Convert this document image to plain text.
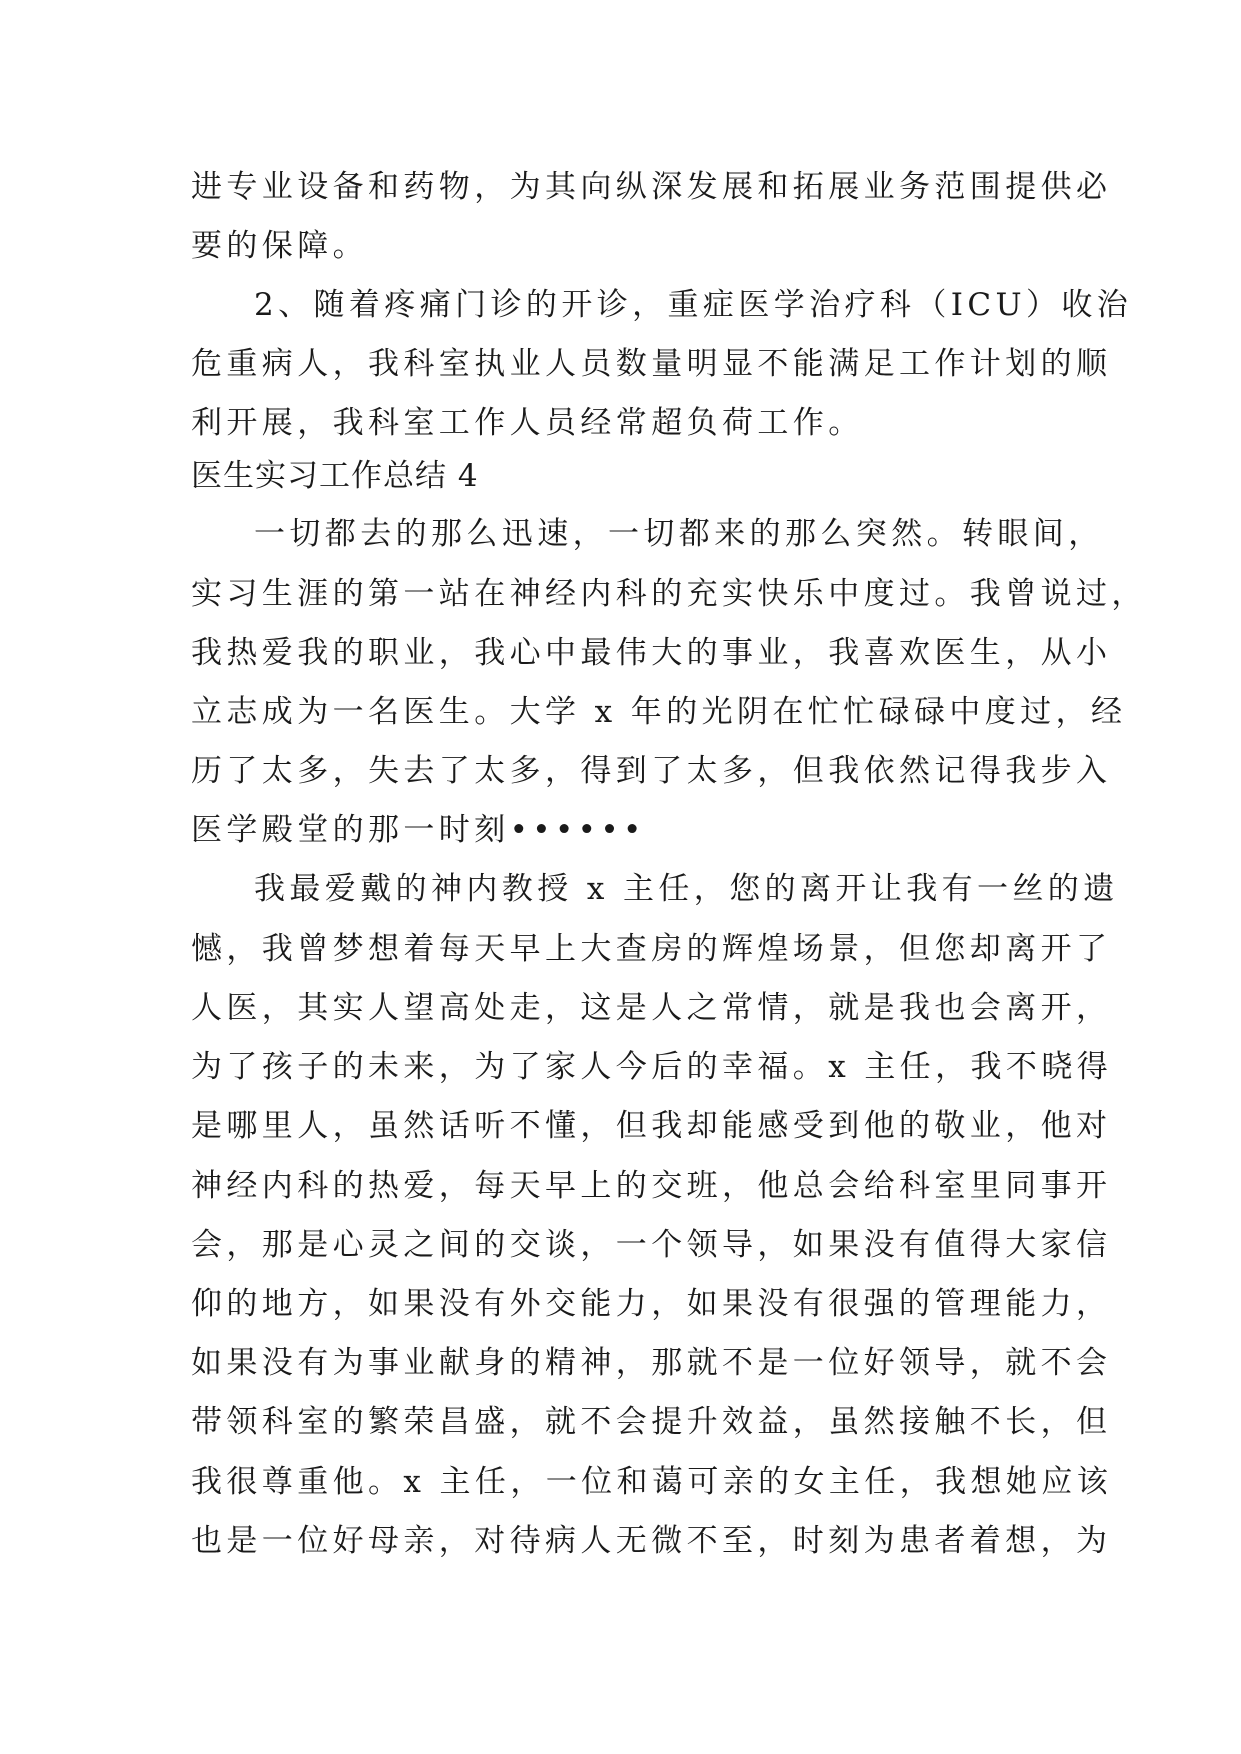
进专业设备和药物，为其向纵深发展和拓展业务范围提供必
要的保障。
2、随着疼痛门诊的开诊，重症医学治疗科（ICU）收治
危重病人，我科室执业人员数量明显不能满足工作计划的顺
利开展，我科室工作人员经常超负荷工作。
医生实习工作总结 4
一切都去的那么迅速，一切都来的那么突然。转眼间，
实习生涯的第一站在神经内科的充实快乐中度过。我曾说过，
我热爱我的职业，我心中最伟大的事业，我喜欢医生，从小
立志成为一名医生。大学 x 年的光阴在忙忙碌碌中度过，经
历了太多，失去了太多，得到了太多，但我依然记得我步入
医学殿堂的那一时刻••••••
我最爱戴的神内教授 x 主任，您的离开让我有一丝的遗
憾，我曾梦想着每天早上大查房的辉煌场景，但您却离开了
人医，其实人望高处走，这是人之常情，就是我也会离开，
为了孩子的未来，为了家人今后的幸福。x 主任，我不晓得
是哪里人，虽然话听不懂，但我却能感受到他的敬业，他对
神经内科的热爱，每天早上的交班，他总会给科室里同事开
会，那是心灵之间的交谈，一个领导，如果没有值得大家信
仰的地方，如果没有外交能力，如果没有很强的管理能力，
如果没有为事业献身的精神，那就不是一位好领导，就不会
带领科室的繁荣昌盛，就不会提升效益，虽然接触不长，但
我很尊重他。x 主任，一位和蔼可亲的女主任，我想她应该
也是一位好母亲，对待病人无微不至，时刻为患者着想，为
